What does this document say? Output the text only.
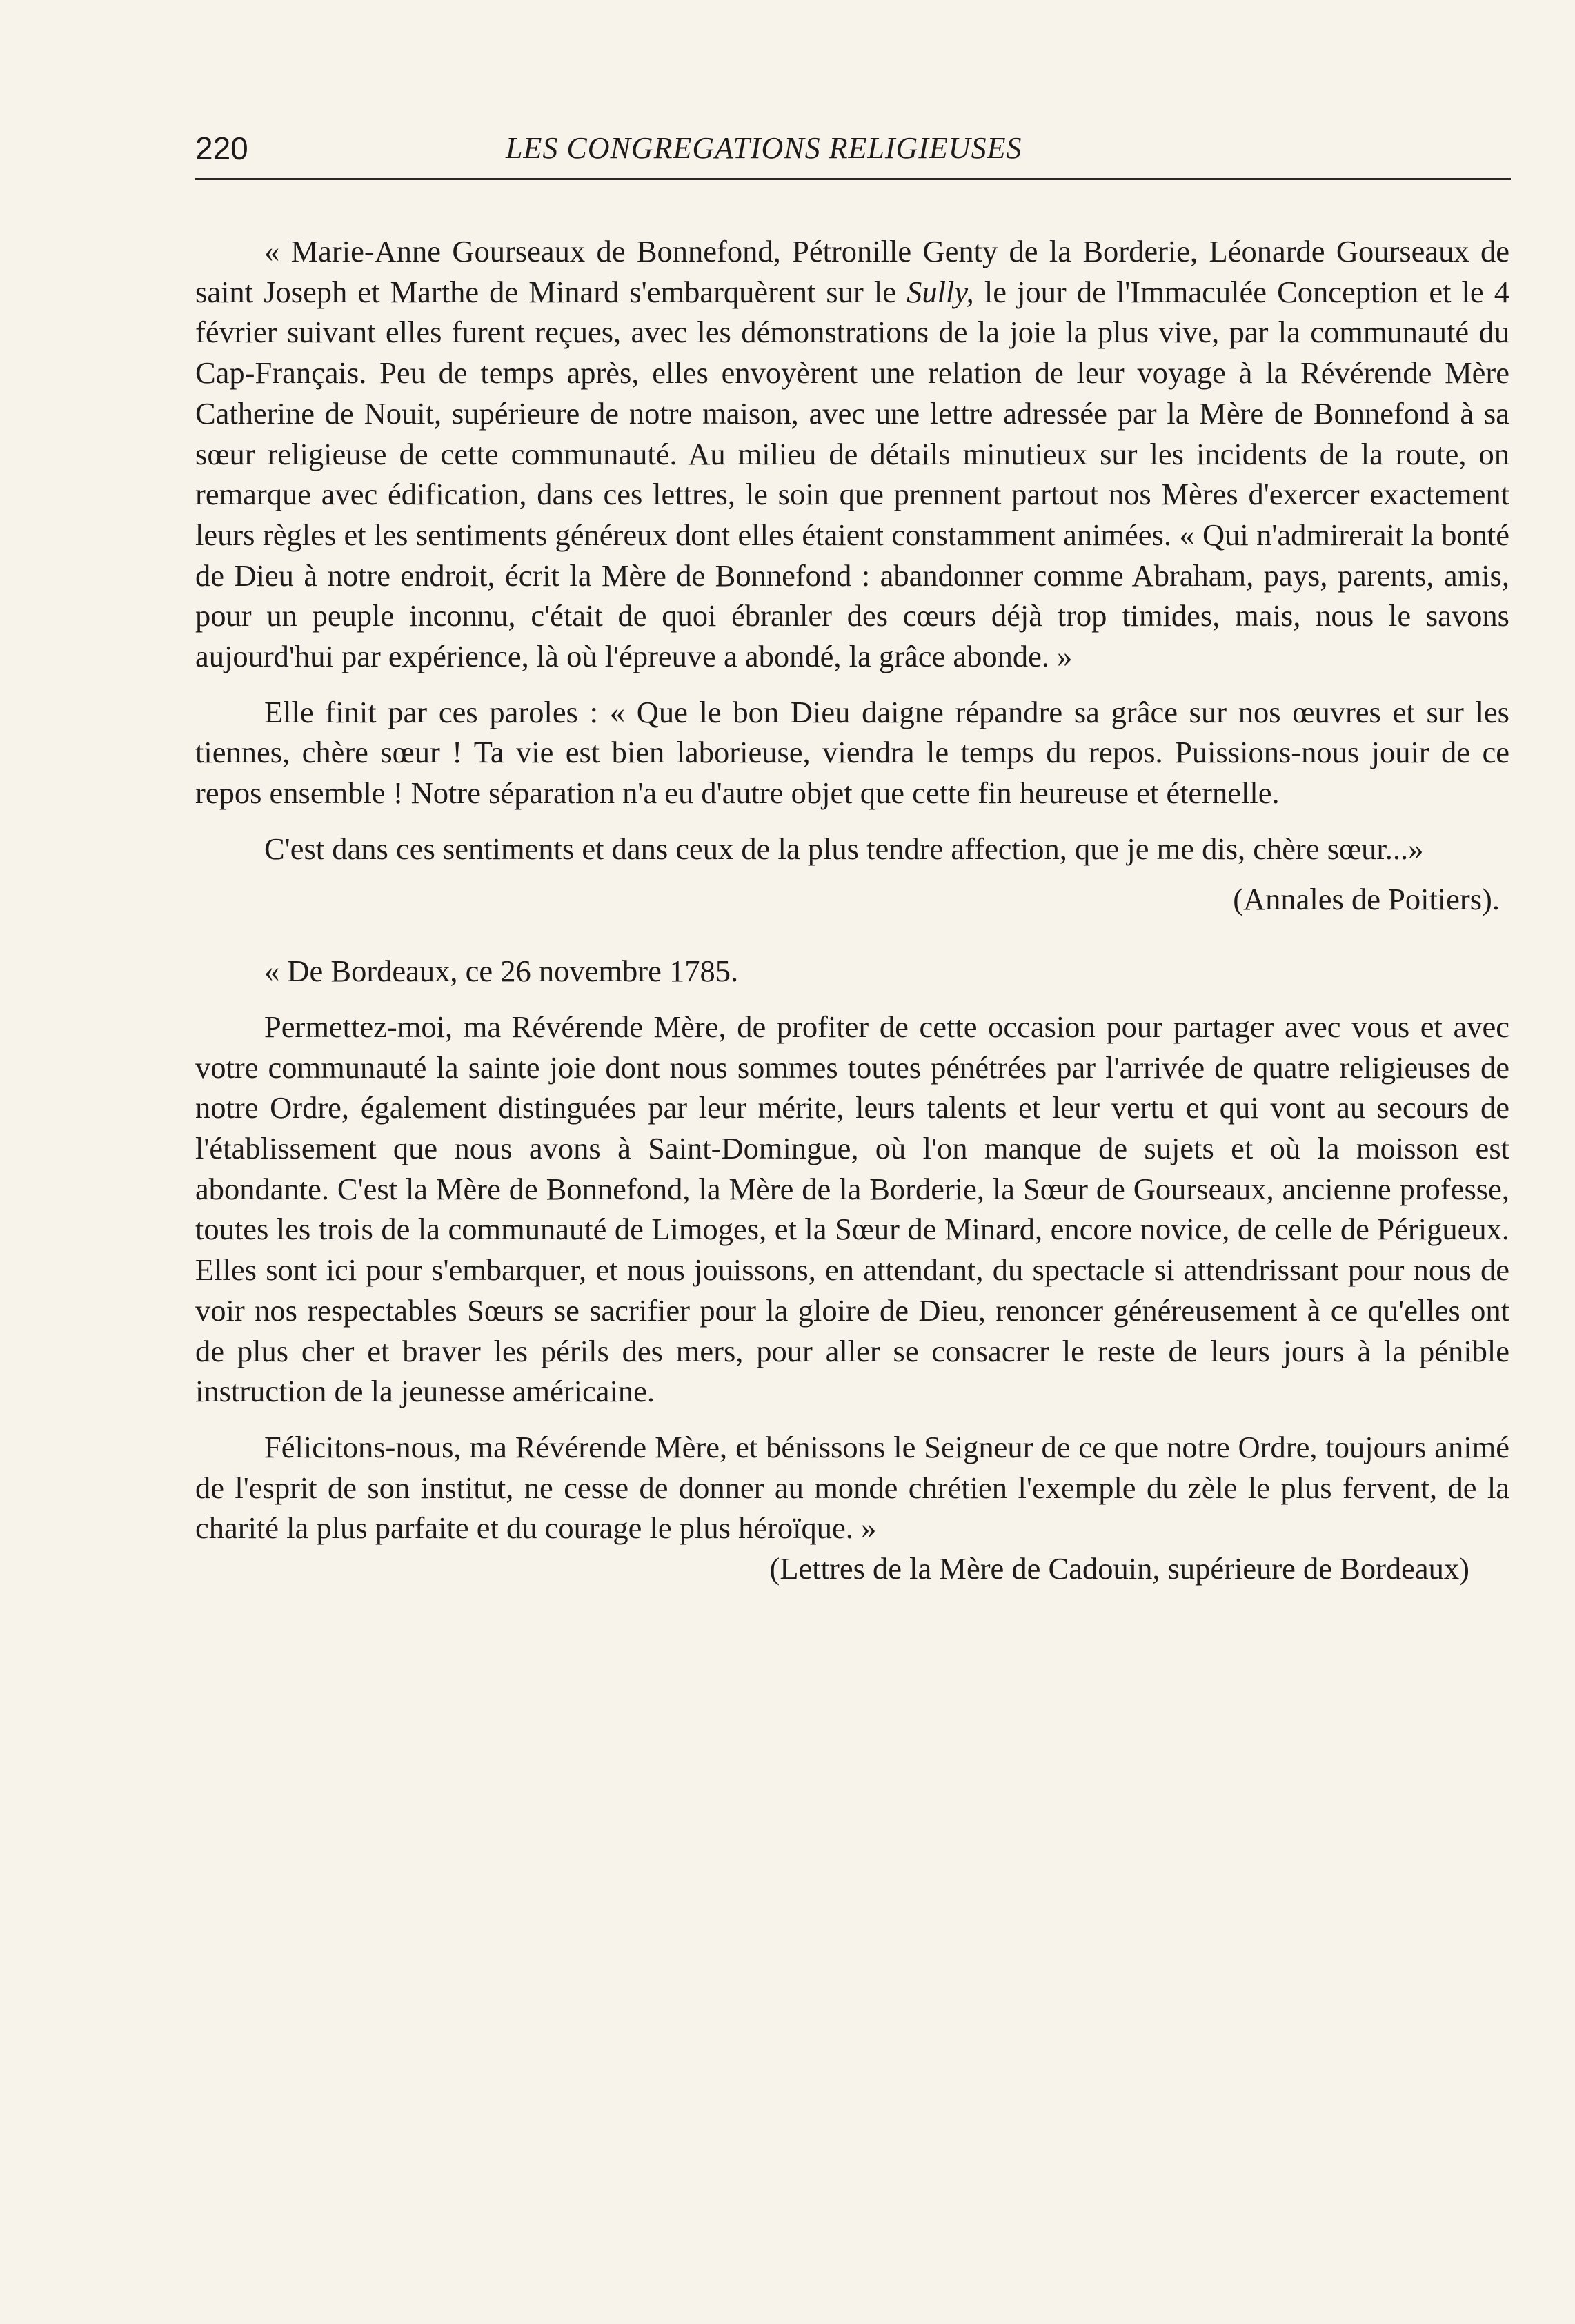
220	LES CONGREGATIONS RELIGIEUSES

« Marie-Anne Gourseaux de Bonnefond, Pétronille Genty de la Borderie, Léonarde Gourseaux de saint Joseph et Marthe de Minard s'embarquèrent sur le Sully, le jour de l'Immaculée Conception et le 4 février suivant elles furent reçues, avec les démonstrations de la joie la plus vive, par la communauté du Cap-Français. Peu de temps après, elles envoyèrent une relation de leur voyage à la Révérende Mère Catherine de Nouit, supérieure de notre maison, avec une lettre adressée par la Mère de Bonnefond à sa sœur religieuse de cette communauté. Au milieu de détails minutieux sur les incidents de la route, on remarque avec édification, dans ces lettres, le soin que prennent partout nos Mères d'exercer exactement leurs règles et les sentiments généreux dont elles étaient constamment animées. « Qui n'admirerait la bonté de Dieu à notre endroit, écrit la Mère de Bonnefond : abandonner comme Abraham, pays, parents, amis, pour un peuple inconnu, c'était de quoi ébranler des cœurs déjà trop timides, mais, nous le savons aujourd'hui par expérience, là où l'épreuve a abondé, la grâce abonde. »

Elle finit par ces paroles : « Que le bon Dieu daigne répandre sa grâce sur nos œuvres et sur les tiennes, chère sœur ! Ta vie est bien laborieuse, viendra le temps du repos. Puissions-nous jouir de ce repos ensemble ! Notre séparation n'a eu d'autre objet que cette fin heureuse et éternelle.

C'est dans ces sentiments et dans ceux de la plus tendre affection, que je me dis, chère sœur...»

(Annales de Poitiers).
« De Bordeaux, ce 26 novembre 1785.

Permettez-moi, ma Révérende Mère, de profiter de cette occasion pour partager avec vous et avec votre communauté la sainte joie dont nous sommes toutes pénétrées par l'arrivée de quatre religieuses de notre Ordre, également distinguées par leur mérite, leurs talents et leur vertu et qui vont au secours de l'établissement que nous avons à Saint-Domingue, où l'on manque de sujets et où la moisson est abondante. C'est la Mère de Bonnefond, la Mère de la Borderie, la Sœur de Gourseaux, ancienne professe, toutes les trois de la communauté de Limoges, et la Sœur de Minard, encore novice, de celle de Périgueux. Elles sont ici pour s'embarquer, et nous jouissons, en attendant, du spectacle si attendrissant pour nous de voir nos respectables Sœurs se sacrifier pour la gloire de Dieu, renoncer généreusement à ce qu'elles ont de plus cher et braver les périls des mers, pour aller se consacrer le reste de leurs jours à la pénible instruction de la jeunesse américaine.

Félicitons-nous, ma Révérende Mère, et bénissons le Seigneur de ce que notre Ordre, toujours animé de l'esprit de son institut, ne cesse de donner au monde chrétien l'exemple du zèle le plus fervent, de la charité la plus parfaite et du courage le plus héroïque. »

(Lettres de la Mère de Cadouin, supérieure de Bordeaux)
